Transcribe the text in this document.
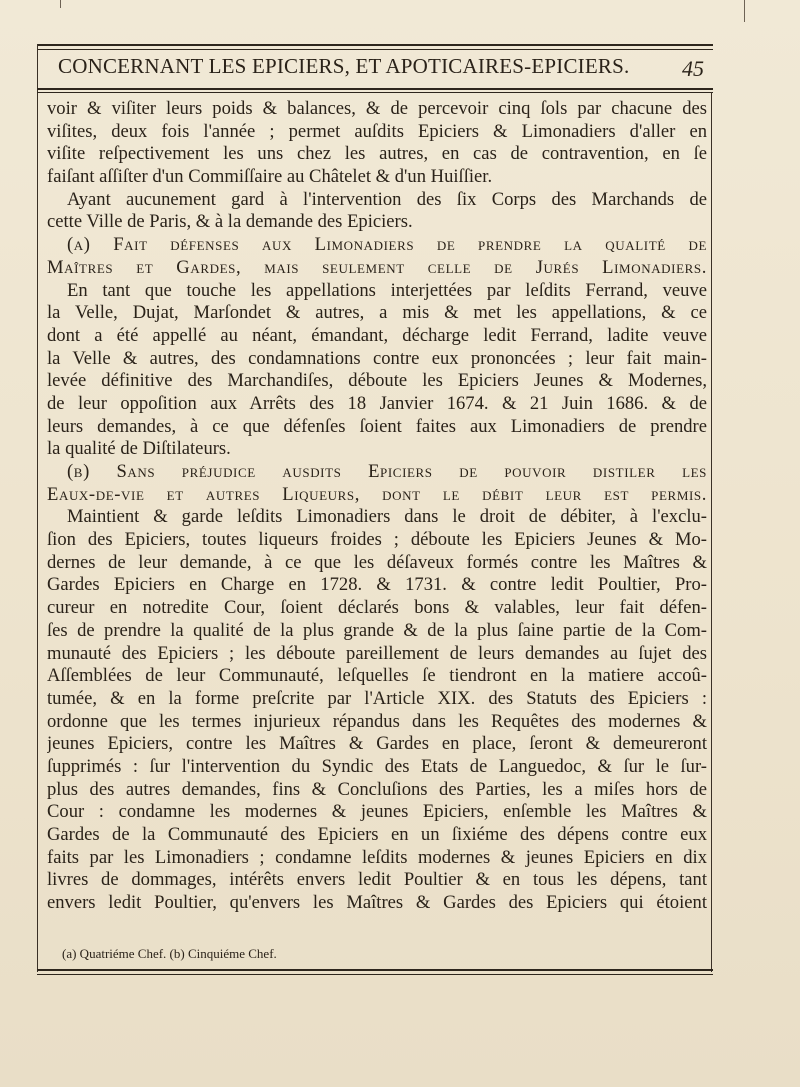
CONCERNANT LES EPICIERS, ET APOTICAIRES-EPICIERS.	45
voir & viſiter leurs poids & balances, & de percevoir cinq ſols par chacune des
viſites, deux fois l'année ; permet auſdits Epiciers & Limonadiers d'aller en
viſite reſpectivement les uns chez les autres, en cas de contravention, en ſe
faiſant aſſiſter d'un Commiſſaire au Châtelet & d'un Huiſſier.
Ayant aucunement gard à l'intervention des ſix Corps des Marchands de
cette Ville de Paris, & à la demande des Epiciers.
(a) Fait défenses aux Limonadiers de prendre la qualité de
Maîtres et Gardes, mais seulement celle de Jurés Limonadiers.
En tant que touche les appellations interjettées par leſdits Ferrand, veuve
la Velle, Dujat, Marſondet & autres, a mis & met les appellations, & ce
dont a été appellé au néant, émandant, décharge ledit Ferrand, ladite veuve
la Velle & autres, des condamnations contre eux prononcées ; leur fait main-
levée définitive des Marchandiſes, déboute les Epiciers Jeunes & Modernes,
de leur oppoſition aux Arrêts des 18 Janvier 1674. & 21 Juin 1686. & de
leurs demandes, à ce que défenſes ſoient faites aux Limonadiers de prendre
la qualité de Diſtilateurs.
(b) Sans préjudice ausdits Epiciers de pouvoir distiler les
Eaux-de-vie et autres Liqueurs, dont le débit leur est permis.
Maintient & garde leſdits Limonadiers dans le droit de débiter, à l'exclu-
ſion des Epiciers, toutes liqueurs froides ; déboute les Epiciers Jeunes & Mo-
dernes de leur demande, à ce que les déſaveux formés contre les Maîtres &
Gardes Epiciers en Charge en 1728. & 1731. & contre ledit Poultier, Pro-
cureur en notredite Cour, ſoient déclarés bons & valables, leur fait défen-
ſes de prendre la qualité de la plus grande & de la plus ſaine partie de la Com-
munauté des Epiciers ; les déboute pareillement de leurs demandes au ſujet des
Aſſemblées de leur Communauté, leſquelles ſe tiendront en la matiere accoû-
tumée, & en la forme preſcrite par l'Article XIX. des Statuts des Epiciers :
ordonne que les termes injurieux répandus dans les Requêtes des modernes &
jeunes Epiciers, contre les Maîtres & Gardes en place, ſeront & demeureront
ſupprimés : ſur l'intervention du Syndic des Etats de Languedoc, & ſur le ſur-
plus des autres demandes, fins & Concluſions des Parties, les a miſes hors de
Cour : condamne les modernes & jeunes Epiciers, enſemble les Maîtres &
Gardes de la Communauté des Epiciers en un ſixiéme des dépens contre eux
faits par les Limonadiers ; condamne leſdits modernes & jeunes Epiciers en dix
livres de dommages, intérêts envers ledit Poultier & en tous les dépens, tant
envers ledit Poultier, qu'envers les Maîtres & Gardes des Epiciers qui étoient
(a) Quatriéme Chef. (b) Cinquiéme Chef.
